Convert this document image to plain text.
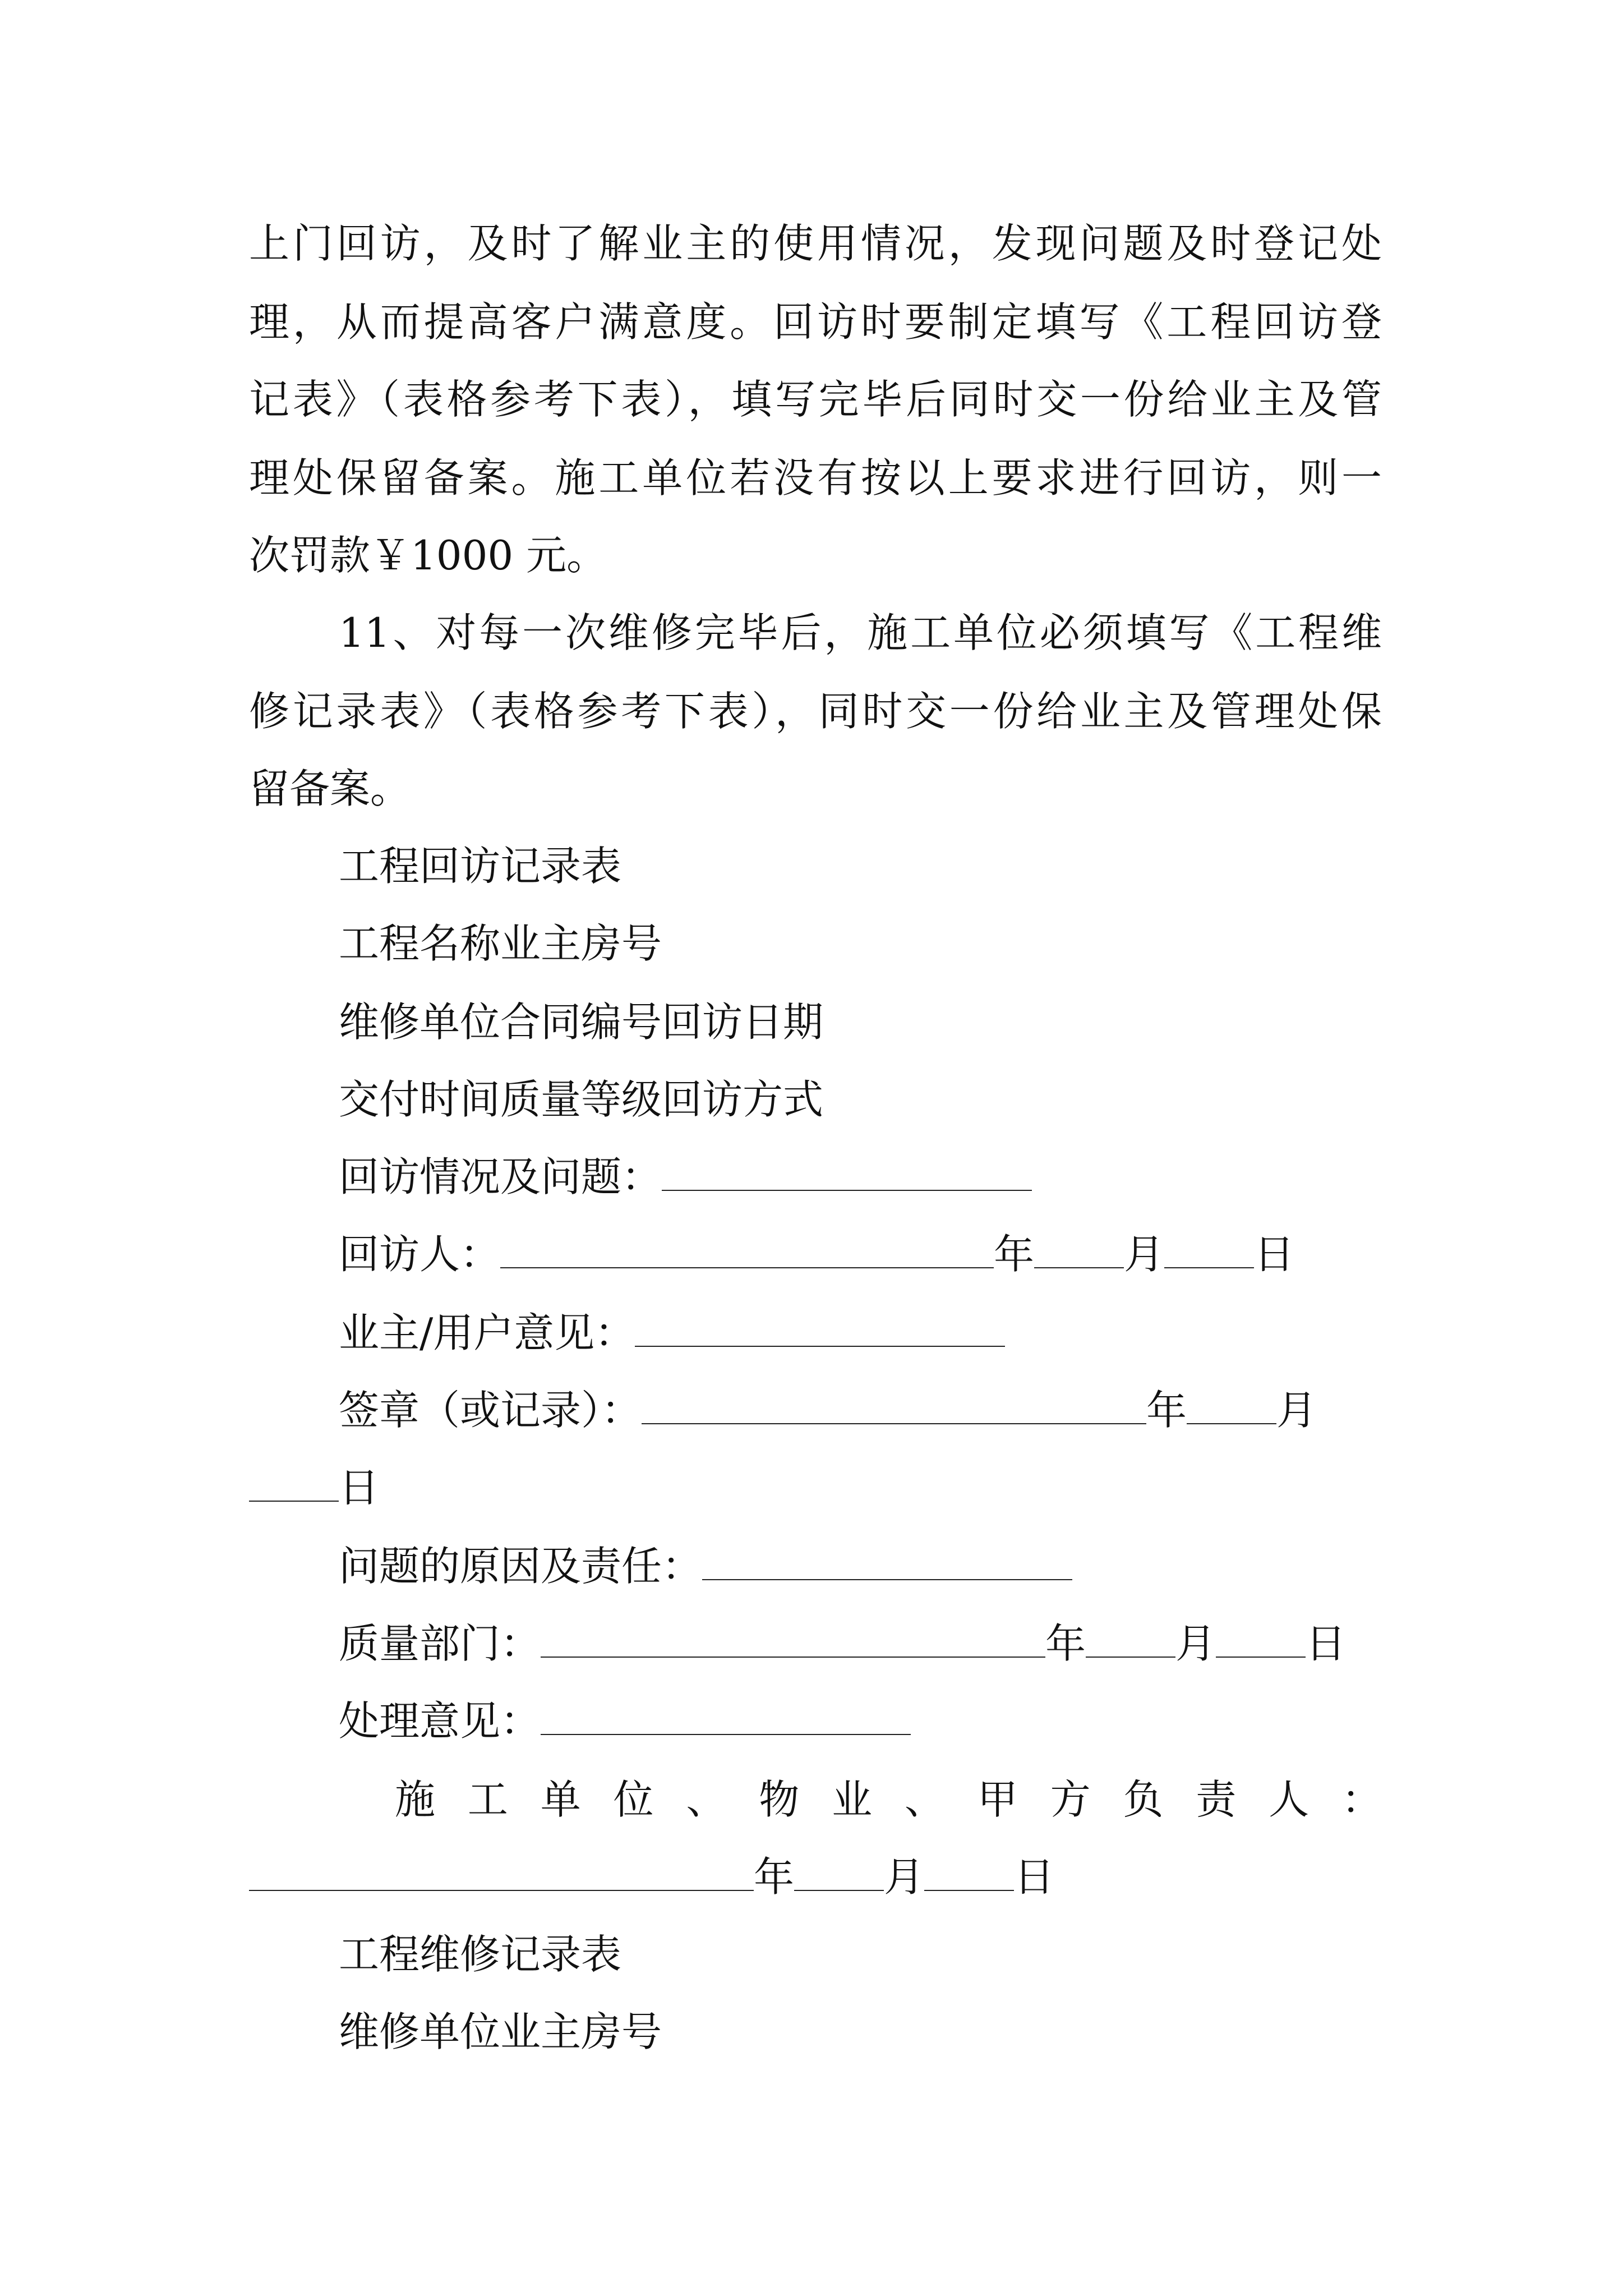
上门回访，及时了解业主的使用情况，发现问题及时登记处
理，从而提高客户满意度。回访时要制定填写《工程回访登
记表》（表格参考下表），填写完毕后同时交一份给业主及管
理处保留备案。施工单位若没有按以上要求进行回访，则一
次罚款￥1000 元。
11、对每一次维修完毕后，施工单位必须填写《工程维
修记录表》（表格参考下表），同时交一份给业主及管理处保
留备案。
工程回访记录表
工程名称业主房号
维修单位合同编号回访日期
交付时间质量等级回访方式
回访情况及问题：
回访人：	年 月 日
业主/用户意见：
签章（或记录）：	年 月
日
问题的原因及责任：
质量部门：	年 月 日
处理意见：
施工单位、物业、甲方负责人：
年 月 日
工程维修记录表
维修单位业主房号
